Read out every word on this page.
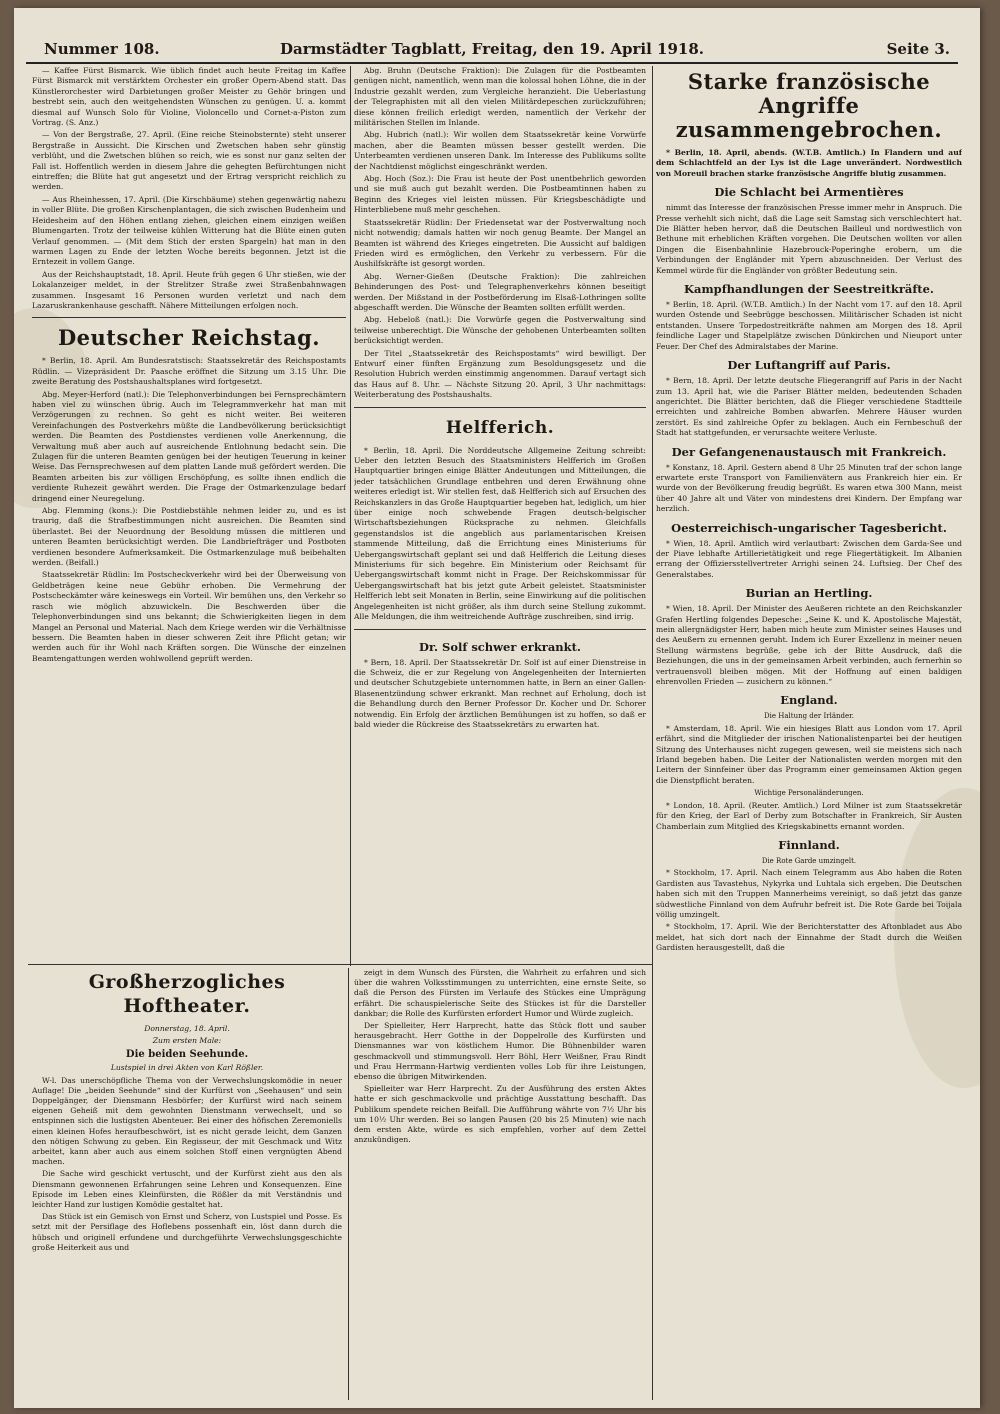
Nummer 108.	Darmstädter Tagblatt, Freitag, den 19. April 1918.	Seite 3.

— Kaffee Fürst Bismarck. Wie üblich findet auch heute Freitag im Kaffee Fürst Bismarck mit verstärktem Orchester ein großer Opern-Abend statt. Das Künstlerorchester wird Darbietungen großer Meister zu Gehör bringen und bestrebt sein, auch den weitgehendsten Wünschen zu genügen. U. a. kommt diesmal auf Wunsch Solo für Violine, Violoncello und Cornet-a-Piston zum Vortrag. (S. Anz.)

— Von der Bergstraße, 27. April. (Eine reiche Steinobsternte) steht unserer Bergstraße in Aussicht. Die Kirschen und Zwetschen haben sehr günstig verblüht, und die Zwetschen blühen so reich, wie es sonst nur ganz selten der Fall ist. Hoffentlich werden in diesem Jahre die gehegten Befürchtungen nicht eintreffen; die Blüte hat gut angesetzt und der Ertrag verspricht reichlich zu werden.

— Aus Rheinhessen, 17. April. (Die Kirschbäume) stehen gegenwärtig nahezu in voller Blüte. Die großen Kirschenplantagen, die sich zwischen Budenheim und Heidesheim auf den Höhen entlang ziehen, gleichen einem einzigen weißen Blumengarten. Trotz der teilweise kühlen Witterung hat die Blüte einen guten Verlauf genommen. — (Mit dem Stich der ersten Spargeln) hat man in den warmen Lagen zu Ende der letzten Woche bereits begonnen. Jetzt ist die Erntezeit in vollem Gange.

Aus der Reichshauptstadt, 18. April. Heute früh gegen 6 Uhr stießen, wie der Lokalanzeiger meldet, in der Strelitzer Straße zwei Straßenbahnwagen zusammen. Insgesamt 16 Personen wurden verletzt und nach dem Lazaruskrankenhause geschafft. Nähere Mitteilungen erfolgen noch.

Deutscher Reichstag.

* Berlin, 18. April. Am Bundesratstisch: Staatssekretär des Reichspostamts Rüdlin. — Vizepräsident Dr. Paasche eröffnet die Sitzung um 3.15 Uhr. Die zweite Beratung des Postshaushaltsplanes wird fortgesetzt.

Abg. Meyer-Herford (natl.): Die Telephonverbindungen bei Fernsprechämtern haben viel zu wünschen übrig. Auch im Telegrammverkehr hat man mit Verzögerungen zu rechnen. So geht es nicht weiter. Bei weiteren Vereinfachungen des Postverkehrs müßte die Landbevölkerung berücksichtigt werden. Die Beamten des Postdienstes verdienen volle Anerkennung, die Verwaltung muß aber auch auf ausreichende Entlohnung bedacht sein. Die Zulagen für die unteren Beamten genügen bei der heutigen Teuerung in keiner Weise. Das Fernsprechwesen auf dem platten Lande muß gefördert werden. Die Beamten arbeiten bis zur völligen Erschöpfung, es sollte ihnen endlich die verdiente Ruhezeit gewährt werden. Die Frage der Ostmarkenzulage bedarf dringend einer Neuregelung.

Abg. Flemming (kons.): Die Postdiebstähle nehmen leider zu, und es ist traurig, daß die Strafbestimmungen nicht ausreichen. Die Beamten sind überlastet. Bei der Neuordnung der Besoldung müssen die mittleren und unteren Beamten berücksichtigt werden. Die Landbriefträger und Postboten verdienen besondere Aufmerksamkeit. Die Ostmarkenzulage muß beibehalten werden. (Beifall.)

Staatssekretär Rüdlin: Im Postscheckverkehr wird bei der Überweisung von Geldbeträgen keine neue Gebühr erhoben. Die Vermehrung der Postscheckämter wäre keineswegs ein Vorteil. Wir bemühen uns, den Verkehr so rasch wie möglich abzuwickeln. Die Beschwerden über die Telephonverbindungen sind uns bekannt; die Schwierigkeiten liegen in dem Mangel an Personal und Material. Nach dem Kriege werden wir die Verhältnisse bessern. Die Beamten haben in dieser schweren Zeit ihre Pflicht getan; wir werden auch für ihr Wohl nach Kräften sorgen. Die Wünsche der einzelnen Beamtengattungen werden wohlwollend geprüft werden.

Abg. Bruhn (Deutsche Fraktion): Die Zulagen für die Postbeamten genügen nicht, namentlich, wenn man die kolossal hohen Löhne, die in der Industrie gezahlt werden, zum Vergleiche heranzieht. Die Ueberlastung der Telegraphisten mit all den vielen Militärdepeschen zurückzuführen; diese können freilich erledigt werden, namentlich der Verkehr der militärischen Stellen im Inlande.

Abg. Hubrich (natl.): Wir wollen dem Staatssekretär keine Vorwürfe machen, aber die Beamten müssen besser gestellt werden. Die Unterbeamten verdienen unseren Dank. Im Interesse des Publikums sollte der Nachtdienst möglichst eingeschränkt werden.

Abg. Hoch (Soz.): Die Frau ist heute der Post unentbehrlich geworden und sie muß auch gut bezahlt werden. Die Postbeamtinnen haben zu Beginn des Krieges viel leisten müssen. Für Kriegsbeschädigte und Hinterbliebene muß mehr geschehen.

Staatssekretär Rüdlin: Der Friedensetat war der Postverwaltung noch nicht notwendig; damals hatten wir noch genug Beamte. Der Mangel an Beamten ist während des Krieges eingetreten. Die Aussicht auf baldigen Frieden wird es ermöglichen, den Verkehr zu verbessern. Für die Aushilfskräfte ist gesorgt worden.

Abg. Werner-Gießen (Deutsche Fraktion): Die zahlreichen Behinderungen des Post- und Telegraphenverkehrs können beseitigt werden. Der Mißstand in der Postbeförderung im Elsaß-Lothringen sollte abgeschafft werden. Die Wünsche der Beamten sollten erfüllt werden.

Abg. Hebeloß (natl.): Die Vorwürfe gegen die Postverwaltung sind teilweise unberechtigt. Die Wünsche der gehobenen Unterbeamten sollten berücksichtigt werden.

Der Titel „Staatssekretär des Reichspostamts“ wird bewilligt. Der Entwurf einer fünften Ergänzung zum Besoldungsgesetz und die Resolution Hubrich werden einstimmig angenommen. Darauf vertagt sich das Haus auf 8. Uhr. — Nächste Sitzung 20. April, 3 Uhr nachmittags: Weiterberatung des Postshaushalts.

Helfferich.

* Berlin, 18. April. Die Norddeutsche Allgemeine Zeitung schreibt: Ueber den letzten Besuch des Staatsministers Helfferich im Großen Hauptquartier bringen einige Blätter Andeutungen und Mitteilungen, die jeder tatsächlichen Grundlage entbehren und deren Erwähnung ohne weiteres erledigt ist. Wir stellen fest, daß Helfferich sich auf Ersuchen des Reichskanzlers in das Große Hauptquartier begeben hat, lediglich, um hier über einige noch schwebende Fragen deutsch-belgischer Wirtschaftsbeziehungen Rücksprache zu nehmen. Gleichfalls gegenstandslos ist die angeblich aus parlamentarischen Kreisen stammende Mitteilung, daß die Errichtung eines Ministeriums für Uebergangswirtschaft geplant sei und daß Helfferich die Leitung dieses Ministeriums für sich begehre. Ein Ministerium oder Reichsamt für Uebergangswirtschaft kommt nicht in Frage. Der Reichskommissar für Uebergangswirtschaft hat bis jetzt gute Arbeit geleistet. Staatsminister Helfferich lebt seit Monaten in Berlin, seine Einwirkung auf die politischen Angelegenheiten ist nicht größer, als ihm durch seine Stellung zukommt. Alle Meldungen, die ihm weitreichende Aufträge zuschreiben, sind irrig.

Dr. Solf schwer erkrankt.

* Bern, 18. April. Der Staatssekretär Dr. Solf ist auf einer Dienstreise in die Schweiz, die er zur Regelung von Angelegenheiten der Internierten und deutscher Schutzgebiete unternommen hatte, in Bern an einer Gallen-Blasenentzündung schwer erkrankt. Man rechnet auf Erholung, doch ist die Behandlung durch den Berner Professor Dr. Kocher und Dr. Schorer notwendig. Ein Erfolg der ärztlichen Bemühungen ist zu hoffen, so daß er bald wieder die Rückreise des Staatssekretärs zu erwarten hat.

Starke französische Angriffe zusammengebrochen.

* Berlin, 18. April, abends. (W.T.B. Amtlich.) In Flandern und auf dem Schlachtfeld an der Lys ist die Lage unverändert. Nordwestlich von Moreuil brachen starke französische Angriffe blutig zusammen.

Die Schlacht bei Armentières

nimmt das Interesse der französischen Presse immer mehr in Anspruch. Die Presse verhehlt sich nicht, daß die Lage seit Samstag sich verschlechtert hat. Die Blätter heben hervor, daß die Deutschen Bailleul und nordwestlich von Bethune mit erheblichen Kräften vorgehen. Die Deutschen wollten vor allen Dingen die Eisenbahnlinie Hazebrouck-Poperinghe erobern, um die Verbindungen der Engländer mit Ypern abzuschneiden. Der Verlust des Kemmel würde für die Engländer von größter Bedeutung sein.

Kampfhandlungen der Seestreitkräfte.

* Berlin, 18. April. (W.T.B. Amtlich.) In der Nacht vom 17. auf den 18. April wurden Ostende und Seebrügge beschossen. Militärischer Schaden ist nicht entstanden. Unsere Torpedostreitkräfte nahmen am Morgen des 18. April feindliche Lager und Stapelplätze zwischen Dünkirchen und Nieuport unter Feuer. Der Chef des Admiralstabes der Marine.

Der Luftangriff auf Paris.

* Bern, 18. April. Der letzte deutsche Fliegerangriff auf Paris in der Nacht zum 13. April hat, wie die Pariser Blätter melden, bedeutenden Schaden angerichtet. Die Blätter berichten, daß die Flieger verschiedene Stadtteile erreichten und zahlreiche Bomben abwarfen. Mehrere Häuser wurden zerstört. Es sind zahlreiche Opfer zu beklagen. Auch ein Fernbeschuß der Stadt hat stattgefunden, er verursachte weitere Verluste.

Der Gefangenenaustausch mit Frankreich.

* Konstanz, 18. April. Gestern abend 8 Uhr 25 Minuten traf der schon lange erwartete erste Transport von Familienvätern aus Frankreich hier ein. Er wurde von der Bevölkerung freudig begrüßt. Es waren etwa 300 Mann, meist über 40 Jahre alt und Väter von mindestens drei Kindern. Der Empfang war herzlich.

Oesterreichisch-ungarischer Tagesbericht.

* Wien, 18. April. Amtlich wird verlautbart: Zwischen dem Garda-See und der Piave lebhafte Artillerietätigkeit und rege Fliegertätigkeit. Im Albanien errang der Offiziersstellvertreter Arrighi seinen 24. Luftsieg. Der Chef des Generalstabes.

Burian an Hertling.

* Wien, 18. April. Der Minister des Aeußeren richtete an den Reichskanzler Grafen Hertling folgendes Depesche: „Seine K. und K. Apostolische Majestät, mein allergnädigster Herr, haben mich heute zum Minister seines Hauses und des Aeußern zu ernennen geruht. Indem ich Eurer Exzellenz in meiner neuen Stellung wärmstens begrüße, gebe ich der Bitte Ausdruck, daß die Beziehungen, die uns in der gemeinsamen Arbeit verbinden, auch fernerhin so vertrauensvoll bleiben mögen. Mit der Hoffnung auf einen baldigen ehrenvollen Frieden — zusichern zu können.“

England.

Die Haltung der Irländer.

* Amsterdam, 18. April. Wie ein hiesiges Blatt aus London vom 17. April erfährt, sind die Mitglieder der irischen Nationalistenpartei bei der heutigen Sitzung des Unterhauses nicht zugegen gewesen, weil sie meistens sich nach Irland begeben haben. Die Leiter der Nationalisten werden morgen mit den Leitern der Sinnfeiner über das Programm einer gemeinsamen Aktion gegen die Dienstpflicht beraten.

Wichtige Personaländerungen.

* London, 18. April. (Reuter. Amtlich.) Lord Milner ist zum Staatssekretär für den Krieg, der Earl of Derby zum Botschafter in Frankreich, Sir Austen Chamberlain zum Mitglied des Kriegskabinetts ernannt worden.

Finnland.

Die Rote Garde umzingelt.

* Stockholm, 17. April. Nach einem Telegramm aus Abo haben die Roten Gardisten aus Tavastehus, Nykyrka und Luhtala sich ergeben. Die Deutschen haben sich mit den Truppen Mannerheims vereinigt, so daß jetzt das ganze südwestliche Finnland von dem Aufruhr befreit ist. Die Rote Garde bei Toijala völlig umzingelt.

* Stockholm, 17. April. Wie der Berichterstatter des Aftonbladet aus Abo meldet, hat sich dort nach der Einnahme der Stadt durch die Weißen Gardisten herausgestellt, daß die

Großherzogliches Hoftheater.

Donnerstag, 18. April.

Zum ersten Male:

Die beiden Seehunde.

Lustspiel in drei Akten von Karl Rößler.

W-l. Das unerschöpfliche Thema von der Verwechslungskomödie in neuer Auflage! Die „beiden Seehunde“ sind der Kurfürst von „Seehausen“ und sein Doppelgänger, der Diensmann Hesbörfer; der Kurfürst wird nach seinem eigenen Geheiß mit dem gewohnten Dienstmann verwechselt, und so entspinnen sich die lustigsten Abenteuer. Bei einer des höfischen Zeremoniells einen kleinen Hofes heraufbeschwört, ist es nicht gerade leicht, dem Ganzen den nötigen Schwung zu geben. Ein Regisseur, der mit Geschmack und Witz arbeitet, kann aber auch aus einem solchen Stoff einen vergnügten Abend machen.

Die Sache wird geschickt vertuscht, und der Kurfürst zieht aus den als Diensmann gewonnenen Erfahrungen seine Lehren und Konsequenzen. Eine Episode im Leben eines Kleinfürsten, die Rößler da mit Verständnis und leichter Hand zur lustigen Komödie gestaltet hat.

Das Stück ist ein Gemisch von Ernst und Scherz, von Lustspiel und Posse. Es setzt mit der Persiflage des Hoflebens possenhaft ein, löst dann durch die hübsch und originell erfundene und durchgeführte Verwechslungsgeschichte große Heiterkeit aus und

zeigt in dem Wunsch des Fürsten, die Wahrheit zu erfahren und sich über die wahren Volksstimmungen zu unterrichten, eine ernste Seite, so daß die Person des Fürsten im Verlaufe des Stückes eine Umprägung erfährt. Die schauspielerische Seite des Stückes ist für die Darsteller dankbar; die Rolle des Kurfürsten erfordert Humor und Würde zugleich.

Der Spielleiter, Herr Harprecht, hatte das Stück flott und sauber herausgebracht. Herr Gotthe in der Doppelrolle des Kurfürsten und Diensmannes war von köstlichem Humor. Die Bühnenbilder waren geschmackvoll und stimmungsvoll. Herr Böhl, Herr Weißner, Frau Rindt und Frau Herrmann-Hartwig verdienten volles Lob für ihre Leistungen, ebenso die übrigen Mitwirkenden.

Spielleiter war Herr Harprecht. Zu der Ausführung des ersten Aktes hatte er sich geschmackvolle und prächtige Ausstattung beschafft. Das Publikum spendete reichen Beifall. Die Aufführung währte von 7½ Uhr bis um 10½ Uhr werden. Bei so langen Pausen (20 bis 25 Minuten) wie nach dem ersten Akte, würde es sich empfehlen, vorher auf dem Zettel anzukündigen.
